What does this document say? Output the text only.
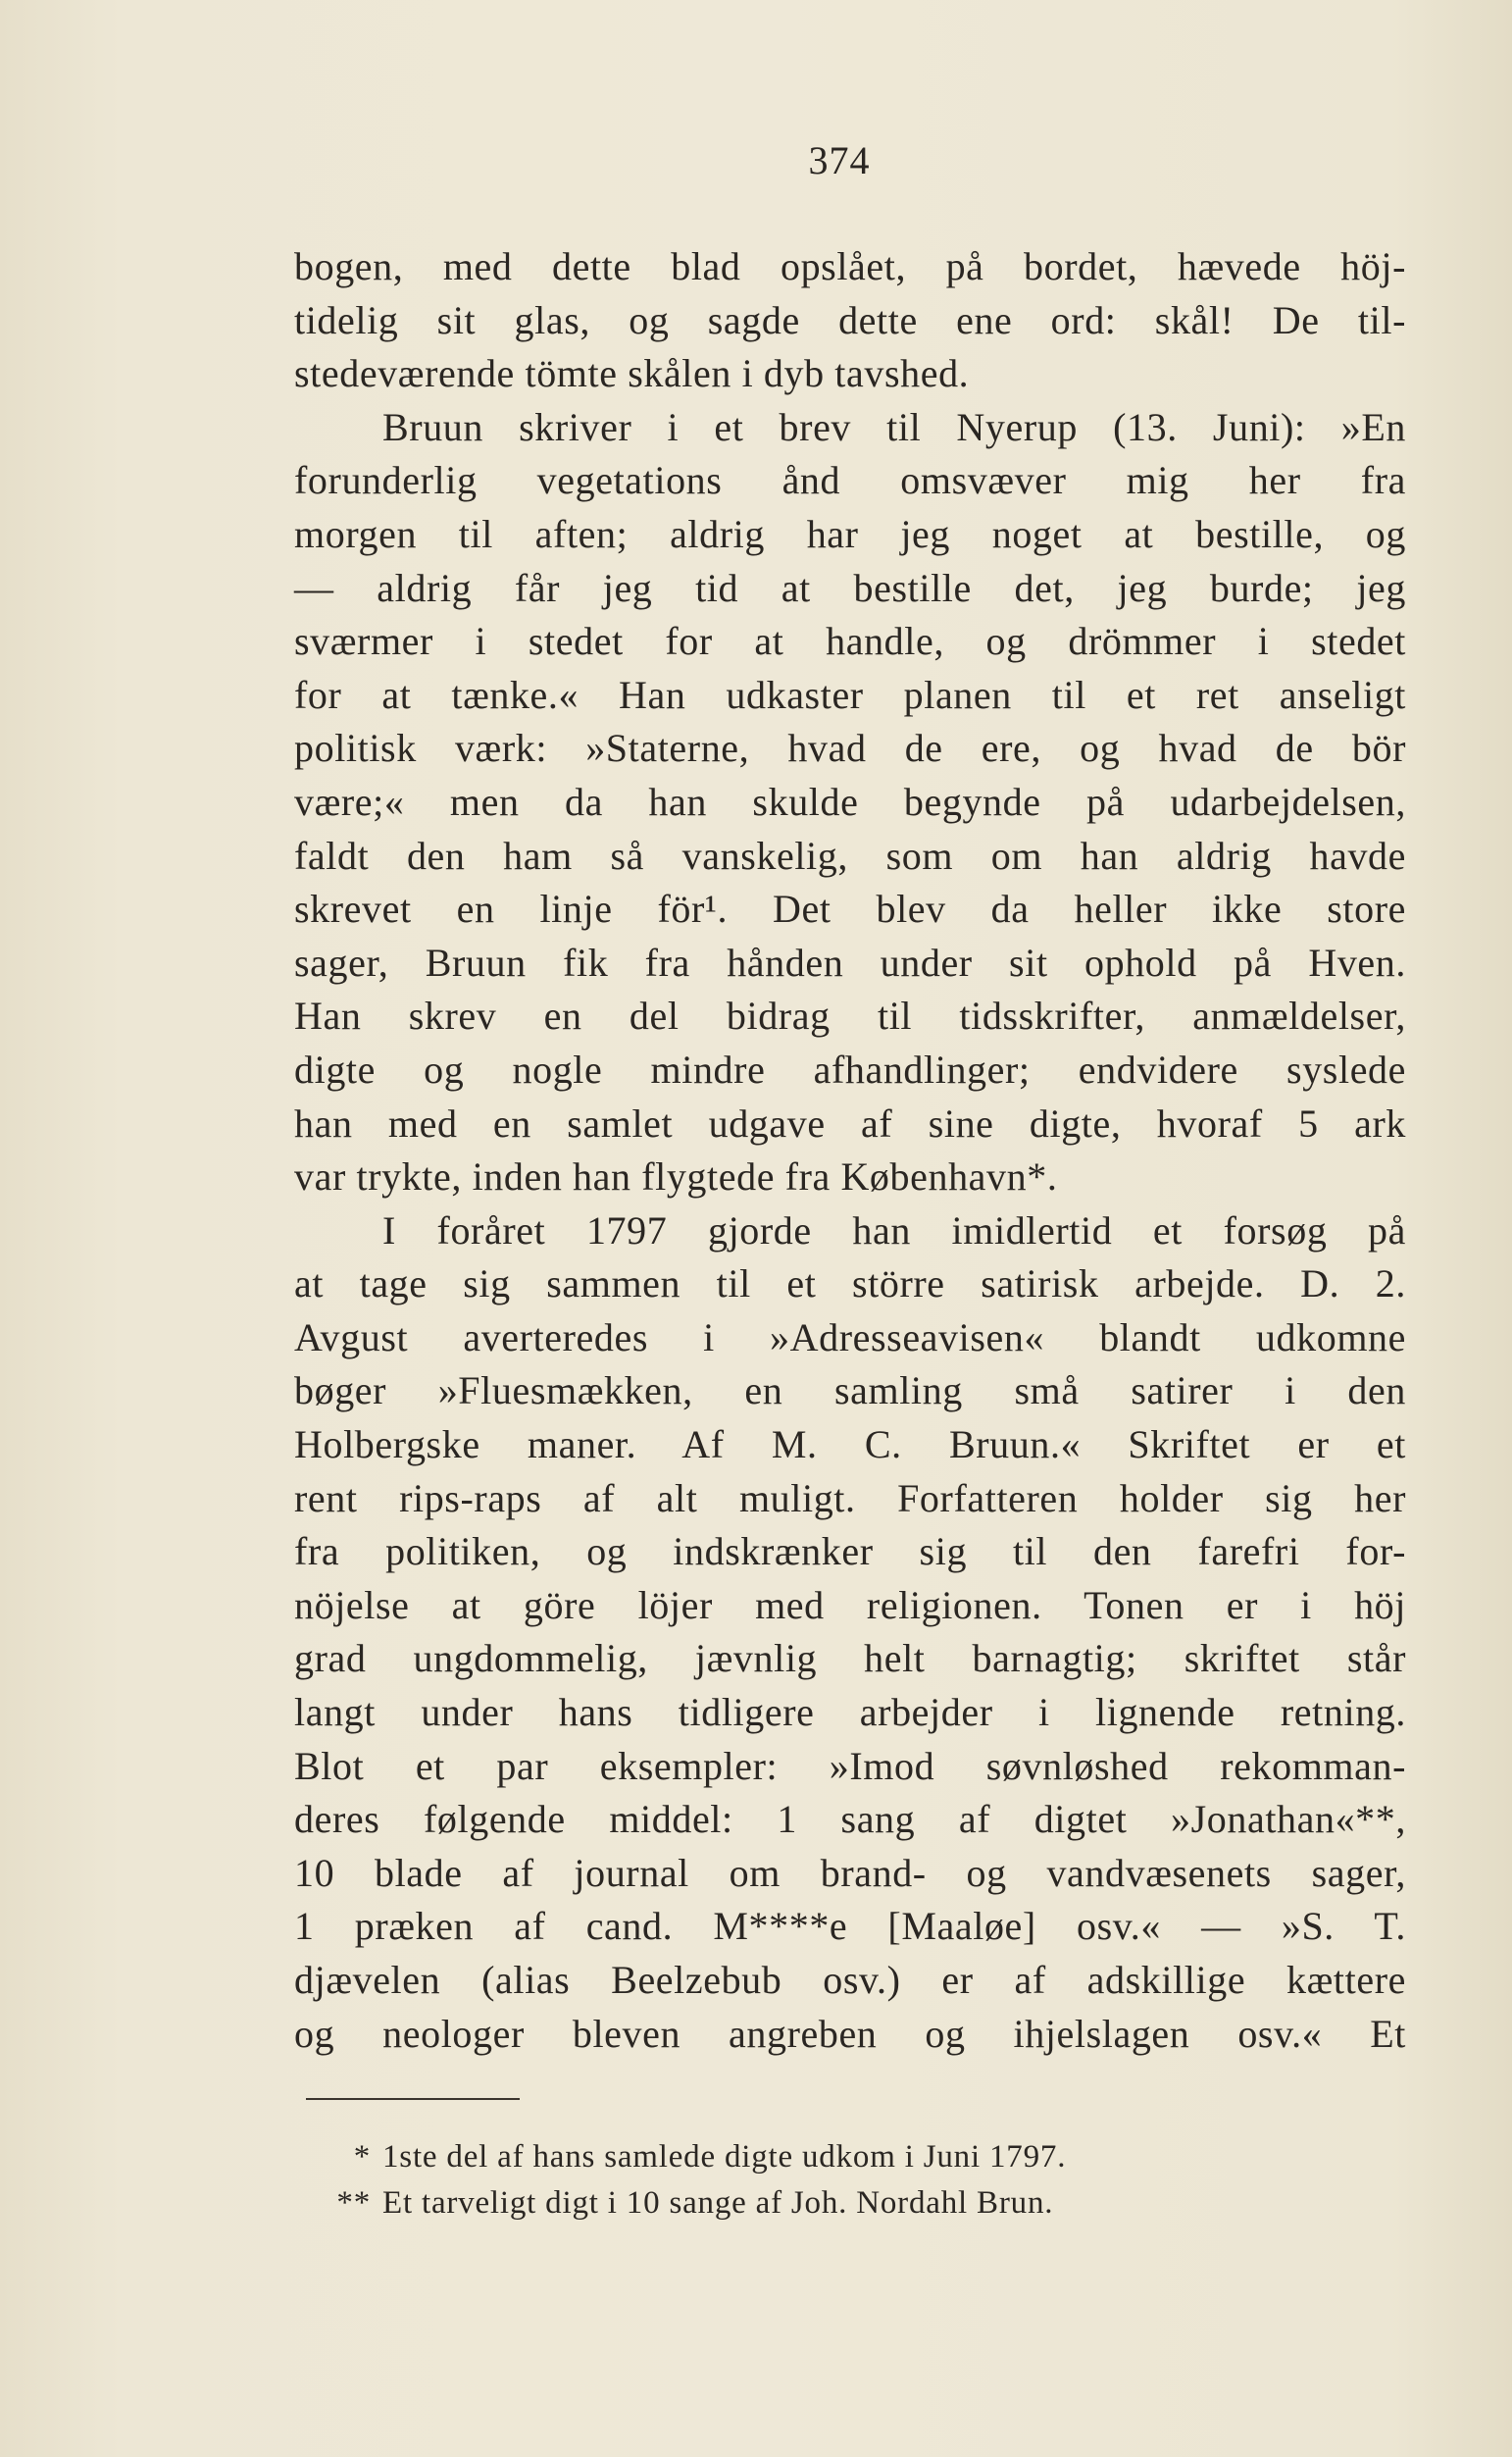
374
bogen, med dette blad opslået, på bordet, hævede höj-
tidelig sit glas, og sagde dette ene ord: skål! De til-
stedeværende tömte skålen i dyb tavshed.
Bruun skriver i et brev til Nyerup (13. Juni): »En
forunderlig vegetations ånd omsvæver mig her fra
morgen til aften; aldrig har jeg noget at bestille, og
— aldrig får jeg tid at bestille det, jeg burde; jeg
sværmer i stedet for at handle, og drömmer i stedet
for at tænke.« Han udkaster planen til et ret anseligt
politisk værk: »Staterne, hvad de ere, og hvad de bör
være;« men da han skulde begynde på udarbejdelsen,
faldt den ham så vanskelig, som om han aldrig havde
skrevet en linje för¹. Det blev da heller ikke store
sager, Bruun fik fra hånden under sit ophold på Hven.
Han skrev en del bidrag til tidsskrifter, anmældelser,
digte og nogle mindre afhandlinger; endvidere syslede
han med en samlet udgave af sine digte, hvoraf 5 ark
var trykte, inden han flygtede fra København*.
I foråret 1797 gjorde han imidlertid et forsøg på
at tage sig sammen til et större satirisk arbejde. D. 2.
Avgust averteredes i »Adresseavisen« blandt udkomne
bøger »Fluesmækken, en samling små satirer i den
Holbergske maner. Af M. C. Bruun.« Skriftet er et
rent rips-raps af alt muligt. Forfatteren holder sig her
fra politiken, og indskrænker sig til den farefri for-
nöjelse at göre löjer med religionen. Tonen er i höj
grad ungdommelig, jævnlig helt barnagtig; skriftet står
langt under hans tidligere arbejder i lignende retning.
Blot et par eksempler: »Imod søvnløshed rekomman-
deres følgende middel: 1 sang af digtet »Jonathan«**,
10 blade af journal om brand- og vandvæsenets sager,
1 præken af cand. M****e [Maaløe] osv.« — »S. T.
djævelen (alias Beelzebub osv.) er af adskillige kættere
og neologer bleven angreben og ihjelslagen osv.« Et
* 1ste del af hans samlede digte udkom i Juni 1797.
** Et tarveligt digt i 10 sange af Joh. Nordahl Brun.
